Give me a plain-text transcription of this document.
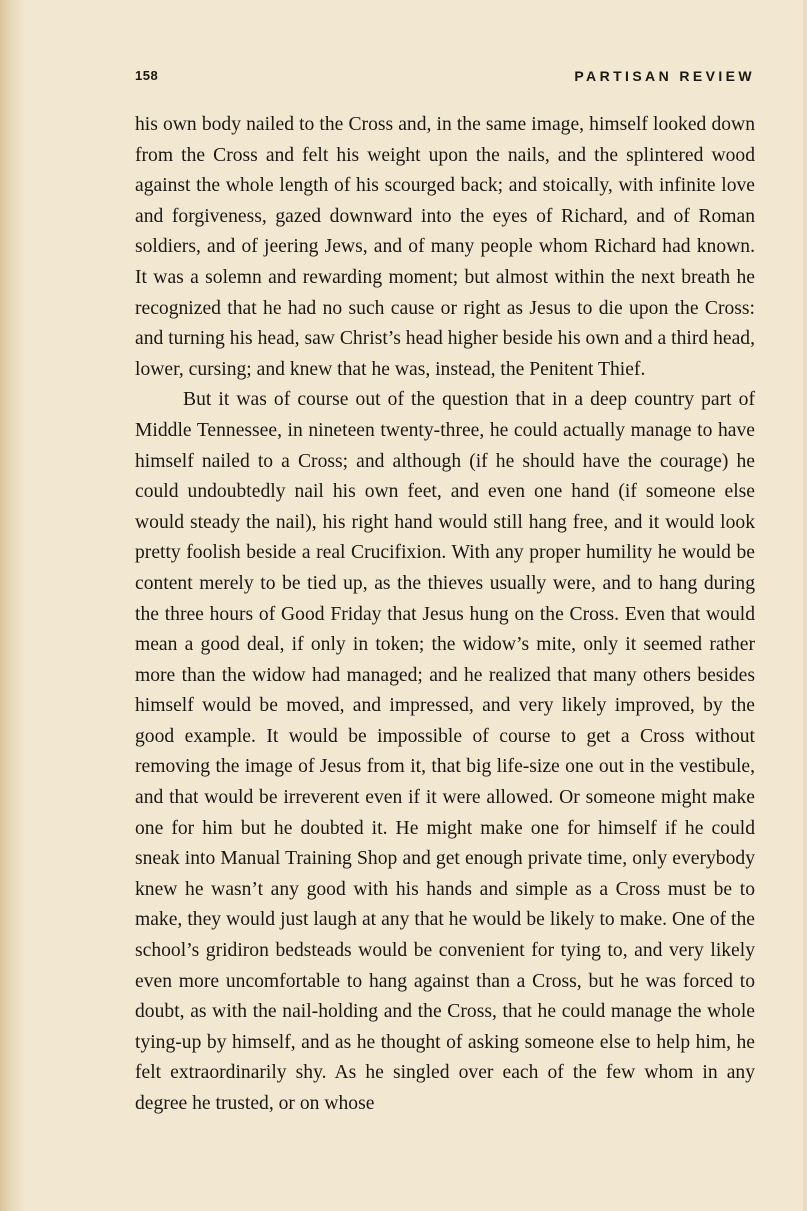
158	PARTISAN REVIEW

his own body nailed to the Cross and, in the same image, himself looked down from the Cross and felt his weight upon the nails, and the splintered wood against the whole length of his scourged back; and stoically, with infinite love and forgiveness, gazed downward into the eyes of Richard, and of Roman soldiers, and of jeering Jews, and of many people whom Richard had known. It was a solemn and rewarding moment; but almost within the next breath he recognized that he had no such cause or right as Jesus to die upon the Cross: and turning his head, saw Christ’s head higher beside his own and a third head, lower, cursing; and knew that he was, instead, the Penitent Thief.

But it was of course out of the question that in a deep country part of Middle Tennessee, in nineteen twenty-three, he could actually manage to have himself nailed to a Cross; and although (if he should have the courage) he could undoubtedly nail his own feet, and even one hand (if someone else would steady the nail), his right hand would still hang free, and it would look pretty foolish beside a real Crucifixion. With any proper humility he would be content merely to be tied up, as the thieves usually were, and to hang during the three hours of Good Friday that Jesus hung on the Cross. Even that would mean a good deal, if only in token; the widow’s mite, only it seemed rather more than the widow had managed; and he realized that many others besides himself would be moved, and impressed, and very likely improved, by the good example. It would be impossible of course to get a Cross without removing the image of Jesus from it, that big life-size one out in the vestibule, and that would be irreverent even if it were allowed. Or someone might make one for him but he doubted it. He might make one for himself if he could sneak into Manual Training Shop and get enough private time, only everybody knew he wasn’t any good with his hands and simple as a Cross must be to make, they would just laugh at any that he would be likely to make. One of the school’s gridiron bedsteads would be convenient for tying to, and very likely even more uncomfortable to hang against than a Cross, but he was forced to doubt, as with the nail-holding and the Cross, that he could manage the whole tying-up by himself, and as he thought of asking someone else to help him, he felt extraordinarily shy. As he singled over each of the few whom in any degree he trusted, or on whose
